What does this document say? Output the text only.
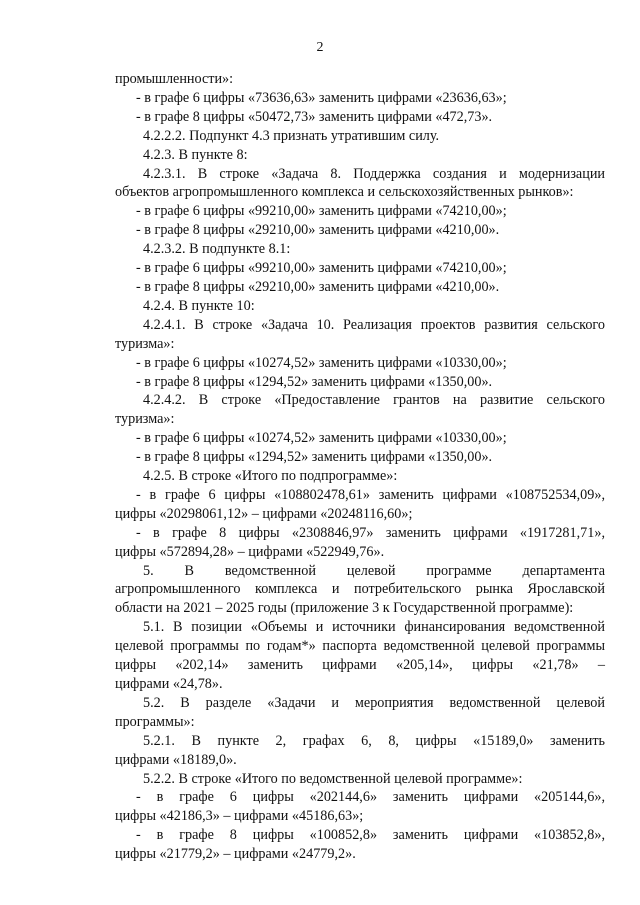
2

промышленности»:

- в графе 6 цифры «73636,63» заменить цифрами «23636,63»;

- в графе 8 цифры «50472,73» заменить цифрами «472,73».

4.2.2.2. Подпункт 4.3 признать утратившим силу.

4.2.3. В пункте 8:

4.2.3.1. В строке «Задача 8. Поддержка создания и модернизации

объектов агропромышленного комплекса и сельскохозяйственных рынков»:

- в графе 6 цифры «99210,00» заменить цифрами «74210,00»;

- в графе 8 цифры «29210,00» заменить цифрами «4210,00».

4.2.3.2. В подпункте 8.1:

- в графе 6 цифры «99210,00» заменить цифрами «74210,00»;

- в графе 8 цифры «29210,00» заменить цифрами «4210,00».

4.2.4. В пункте 10:

4.2.4.1. В строке «Задача 10. Реализация проектов развития сельского

туризма»:

- в графе 6 цифры «10274,52» заменить цифрами «10330,00»;

- в графе 8 цифры «1294,52» заменить цифрами «1350,00».

4.2.4.2. В строке «Предоставление грантов на развитие сельского

туризма»:

- в графе 6 цифры «10274,52» заменить цифрами «10330,00»;

- в графе 8 цифры «1294,52» заменить цифрами «1350,00».

4.2.5. В строке «Итого по подпрограмме»:

- в графе 6 цифры «108802478,61» заменить цифрами «108752534,09»,

цифры «20298061,12» – цифрами «20248116,60»;

- в графе 8 цифры «2308846,97» заменить цифрами «1917281,71»,

цифры «572894,28» – цифрами «522949,76».

5. В ведомственной целевой программе департамента

агропромышленного комплекса и потребительского рынка Ярославской

области на 2021 – 2025 годы (приложение 3 к Государственной программе):

5.1. В позиции «Объемы и источники финансирования ведомственной

целевой программы по годам*» паспорта ведомственной целевой программы

цифры «202,14» заменить цифрами «205,14», цифры «21,78» –

цифрами «24,78».

5.2. В разделе «Задачи и мероприятия ведомственной целевой

программы»:

5.2.1. В пункте 2, графах 6, 8, цифры «15189,0» заменить

цифрами «18189,0».

5.2.2. В строке «Итого по ведомственной целевой программе»:

- в графе 6 цифры «202144,6» заменить цифрами «205144,6»,

цифры «42186,3» – цифрами «45186,63»;

- в графе 8 цифры «100852,8» заменить цифрами «103852,8»,

цифры «21779,2» – цифрами «24779,2».
